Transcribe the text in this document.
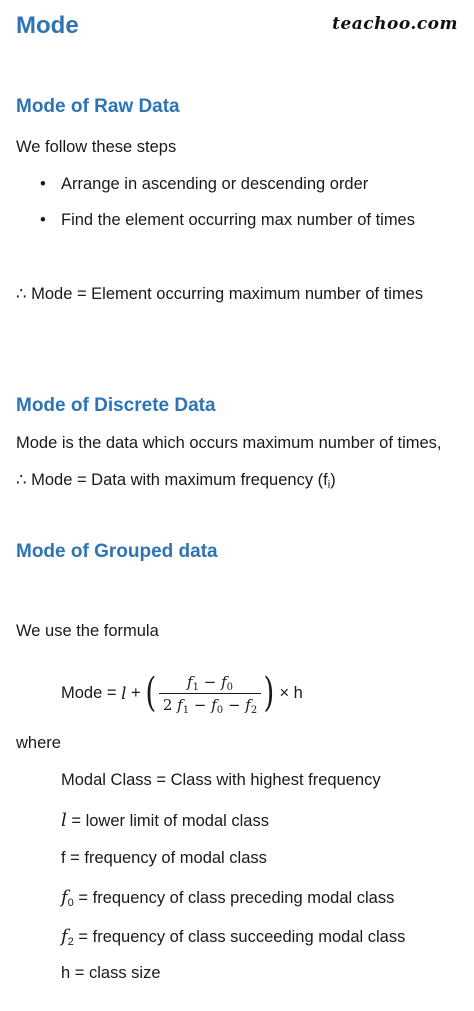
Mode	teachoo.com
Mode of Raw Data
We follow these steps
• Arrange in ascending or descending order
• Find the element occurring max number of times
∴ Mode = Element occurring maximum number of times
Mode of Discrete Data
Mode is the data which occurs maximum number of times,
∴ Mode = Data with maximum frequency $(f_i)$
Mode of Grouped data
We use the formula
Mode =
l
+
( $\frac{f_1 - f_0}{2 f_1 - f_0 - f_2}$ )
× h
where
Modal Class = Class with highest frequency
l = lower limit of modal class
f = frequency of modal class
$f_0$ = frequency of class preceding modal class
$f_2$ = frequency of class succeeding modal class
h = class size
